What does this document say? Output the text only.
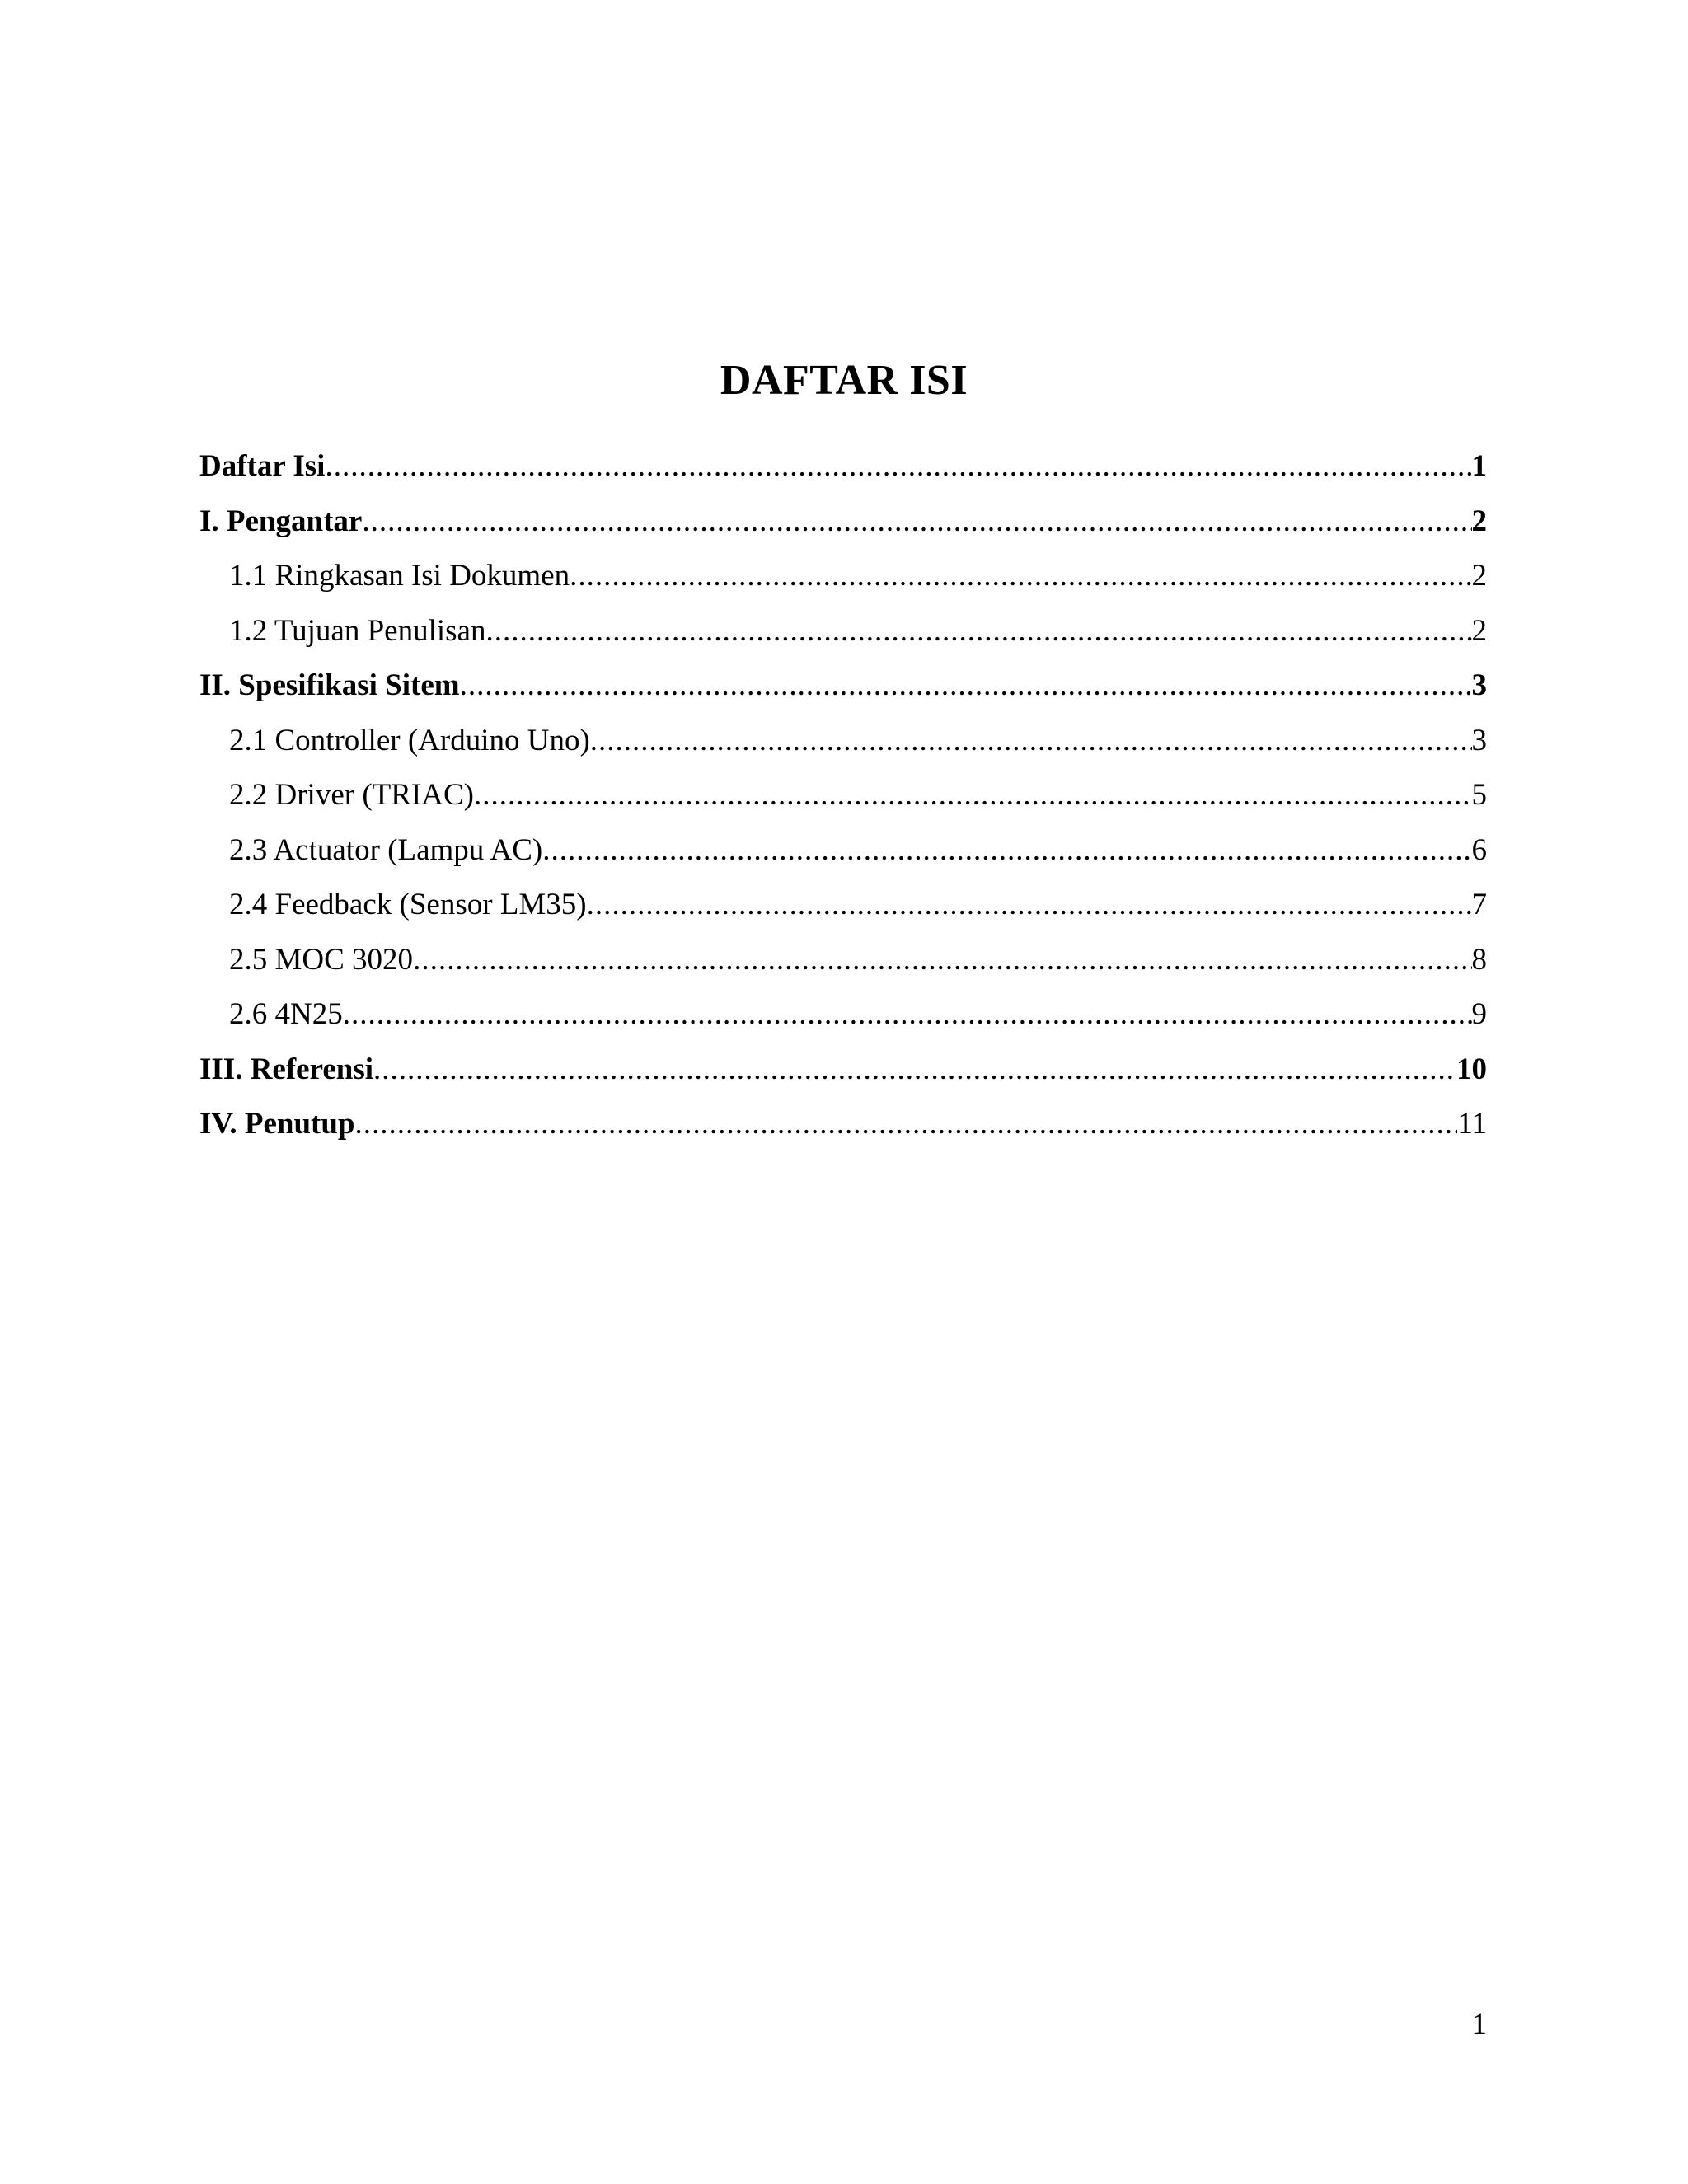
DAFTAR ISI
Daftar Isi .....	1
I. Pengantar .....	2
1.1 Ringkasan Isi Dokumen .....	2
1.2 Tujuan Penulisan .....	2
II. Spesifikasi Sitem .....	3
2.1 Controller (Arduino Uno) .....	3
2.2 Driver (TRIAC) .....	5
2.3 Actuator (Lampu AC) .....	6
2.4 Feedback (Sensor LM35) .....	7
2.5 MOC 3020 .....	8
2.6 4N25 .....	9
III. Referensi .....	10
IV. Penutup .....	11
1
